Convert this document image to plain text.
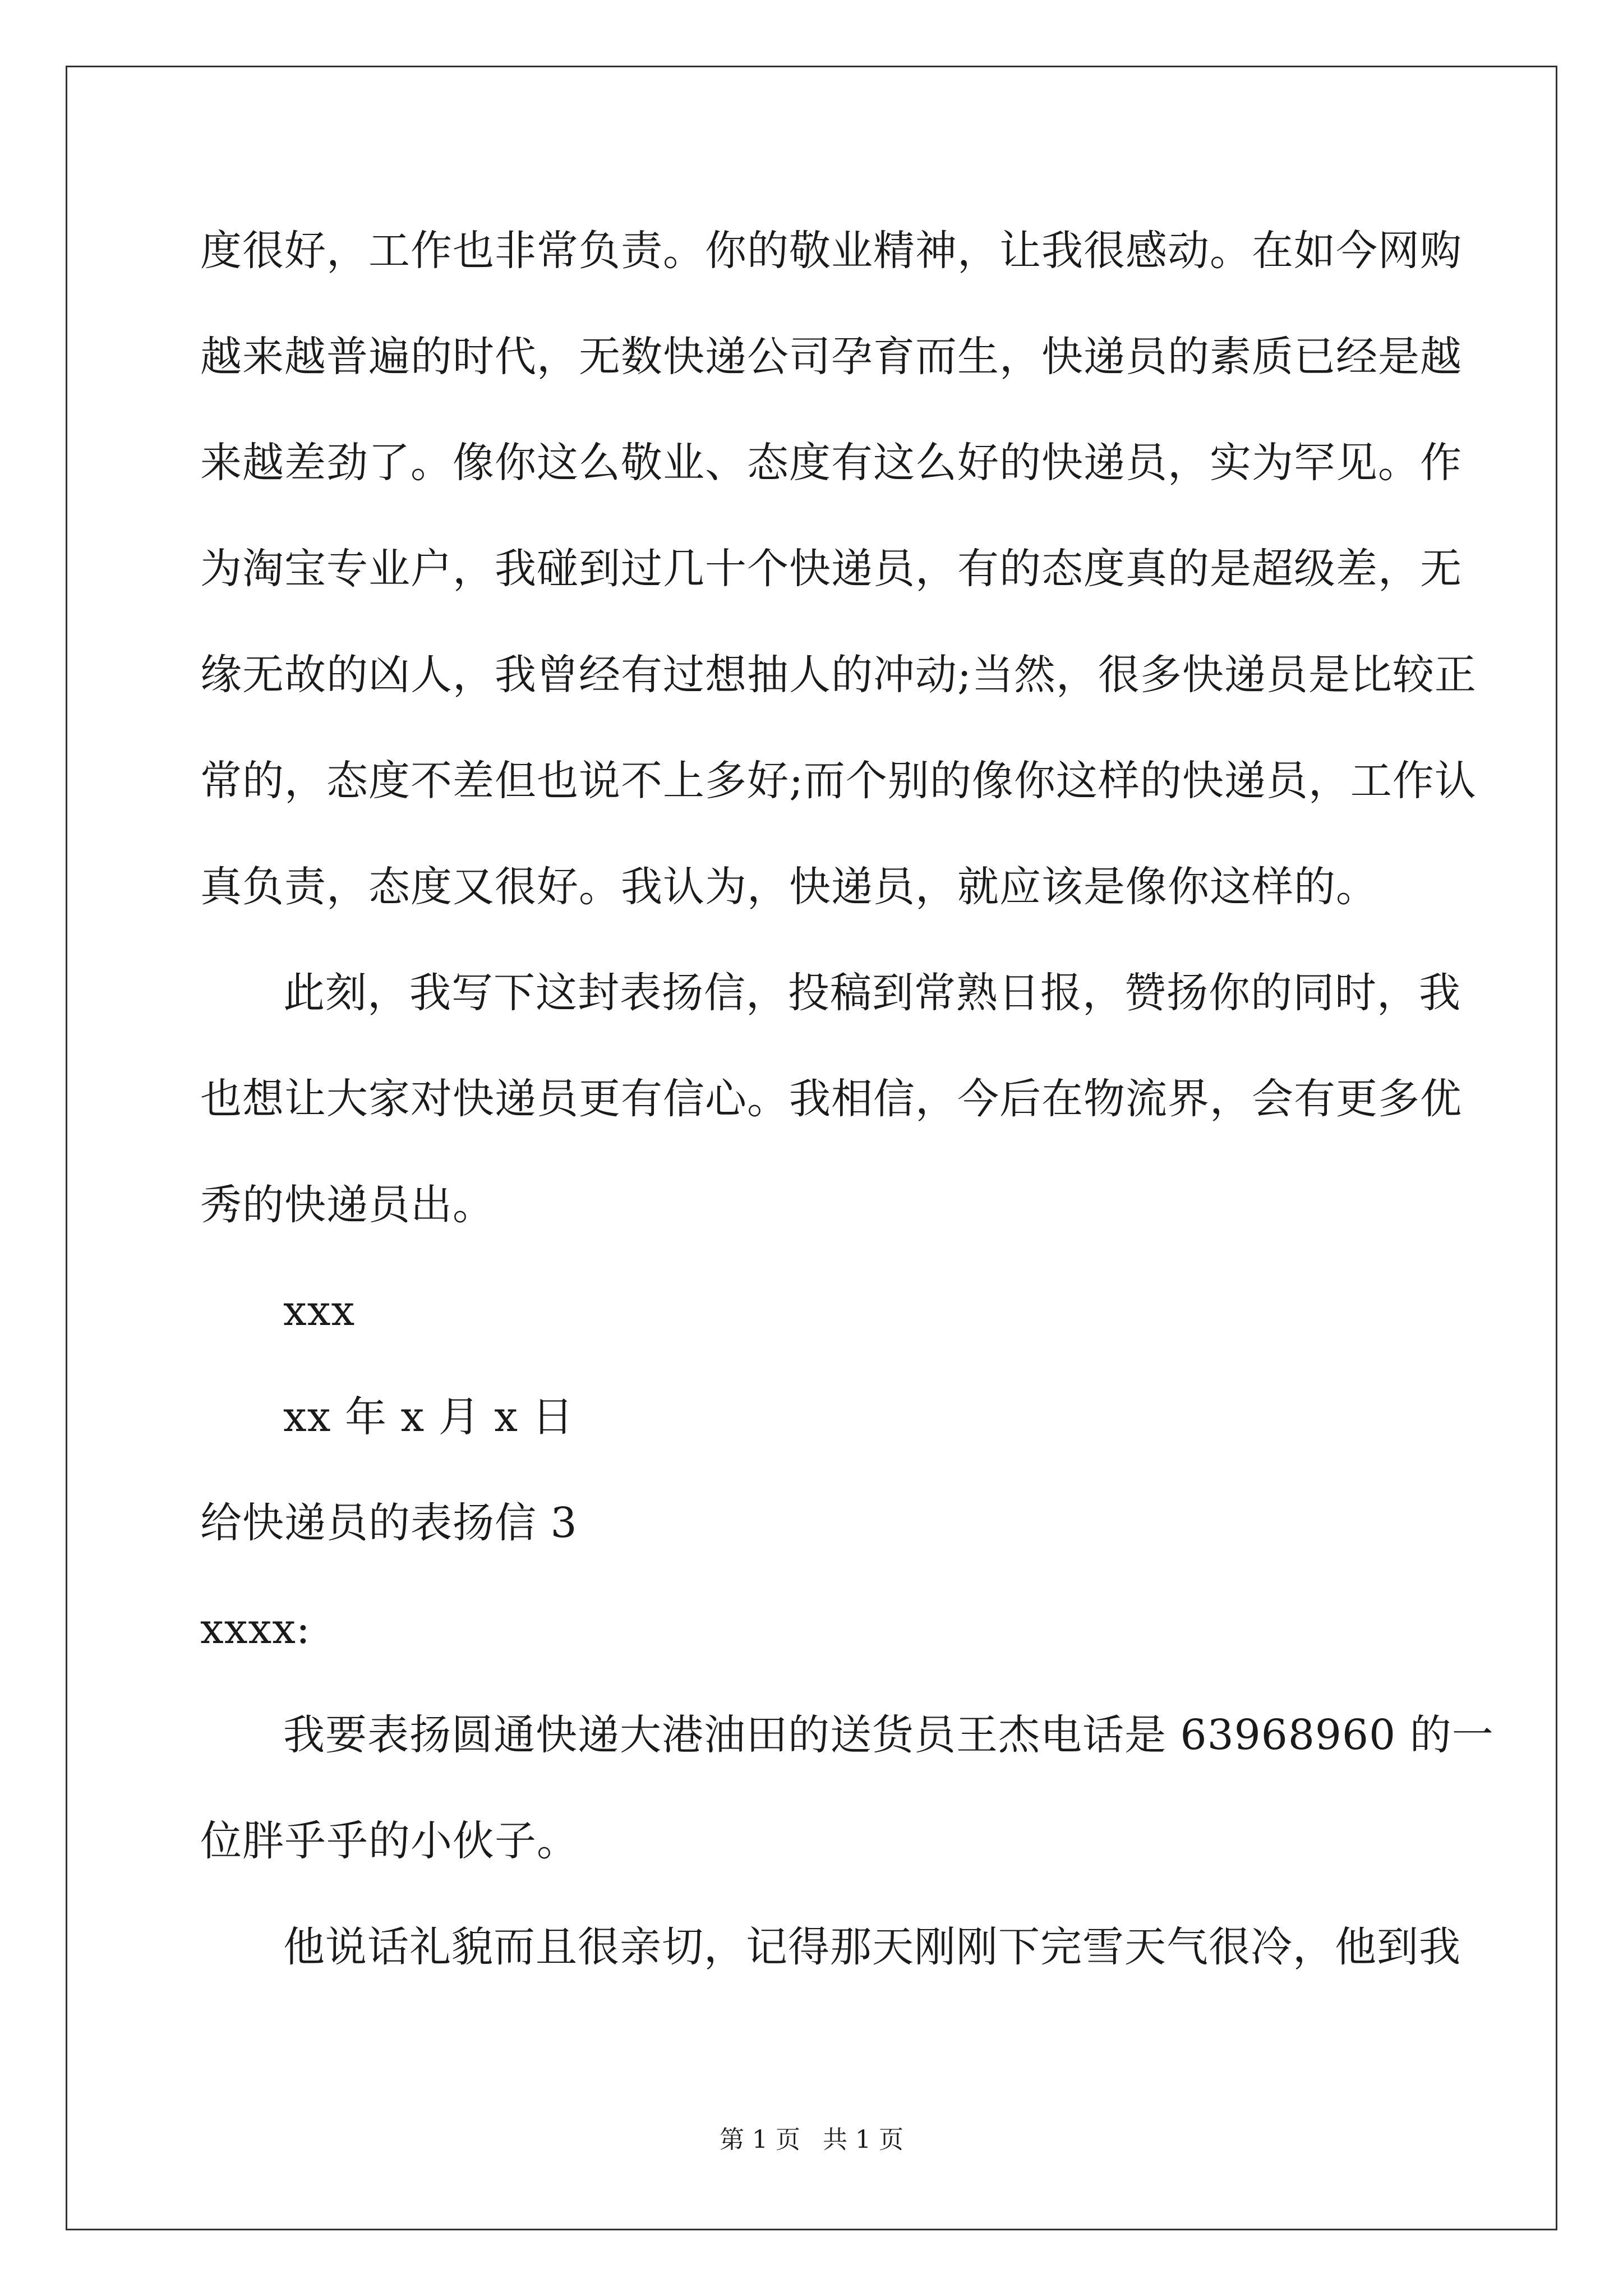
度很好，工作也非常负责。你的敬业精神，让我很感动。在如今网购
越来越普遍的时代，无数快递公司孕育而生，快递员的素质已经是越
来越差劲了。像你这么敬业、态度有这么好的快递员，实为罕见。作
为淘宝专业户，我碰到过几十个快递员，有的态度真的是超级差，无
缘无故的凶人，我曾经有过想抽人的冲动;当然，很多快递员是比较正
常的，态度不差但也说不上多好;而个别的像你这样的快递员，工作认
真负责，态度又很好。我认为，快递员，就应该是像你这样的。
此刻，我写下这封表扬信，投稿到常熟日报，赞扬你的同时，我
也想让大家对快递员更有信心。我相信，今后在物流界，会有更多优
秀的快递员出。
xxx
xx 年 x 月 x 日
给快递员的表扬信 3
xxxx:
我要表扬圆通快递大港油田的送货员王杰电话是 63968960 的一
位胖乎乎的小伙子。
他说话礼貌而且很亲切，记得那天刚刚下完雪天气很冷，他到我
第 1 页 共 1 页
